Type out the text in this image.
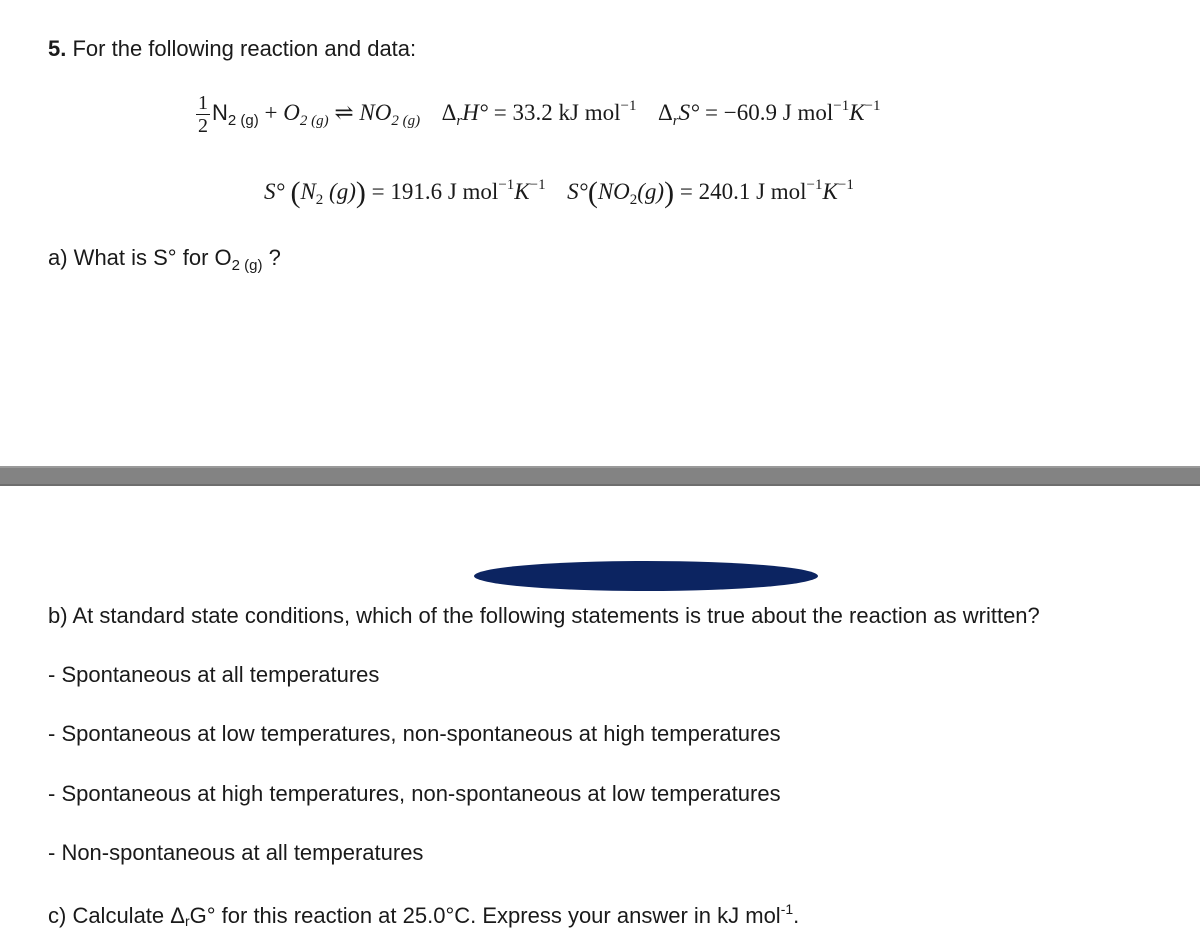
5. For the following reaction and data:
$\frac{1}{2} N_{2 (g)} + O_{2 (g)}$ ⇌ $NO_{2 (g)}$ $\Delta_rH^\circ = 33.2$ kJ mol$^{-1}$ $\Delta_rS^\circ = -60.9$ J $mol^{-1}K^{-1}$
S° ($N_2$ (g)) = 191.6 J $mol^{-1}K^{-1}$ $S^\circ(NO_2(g)) = 240.1$ J $mol^{-1}K^{-1}$
a) What is S° for $O_{2 (g)}$ ?
b) At standard state conditions, which of the following statements is true about the reaction as written?
- Spontaneous at all temperatures
- Spontaneous at low temperatures, non-spontaneous at high temperatures
- Spontaneous at high temperatures, non-spontaneous at low temperatures
- Non-spontaneous at all temperatures
c) Calculate $\Delta_rG^\circ$ for this reaction at 25.0°C. Express your answer in kJ mol$^{-1}$.
